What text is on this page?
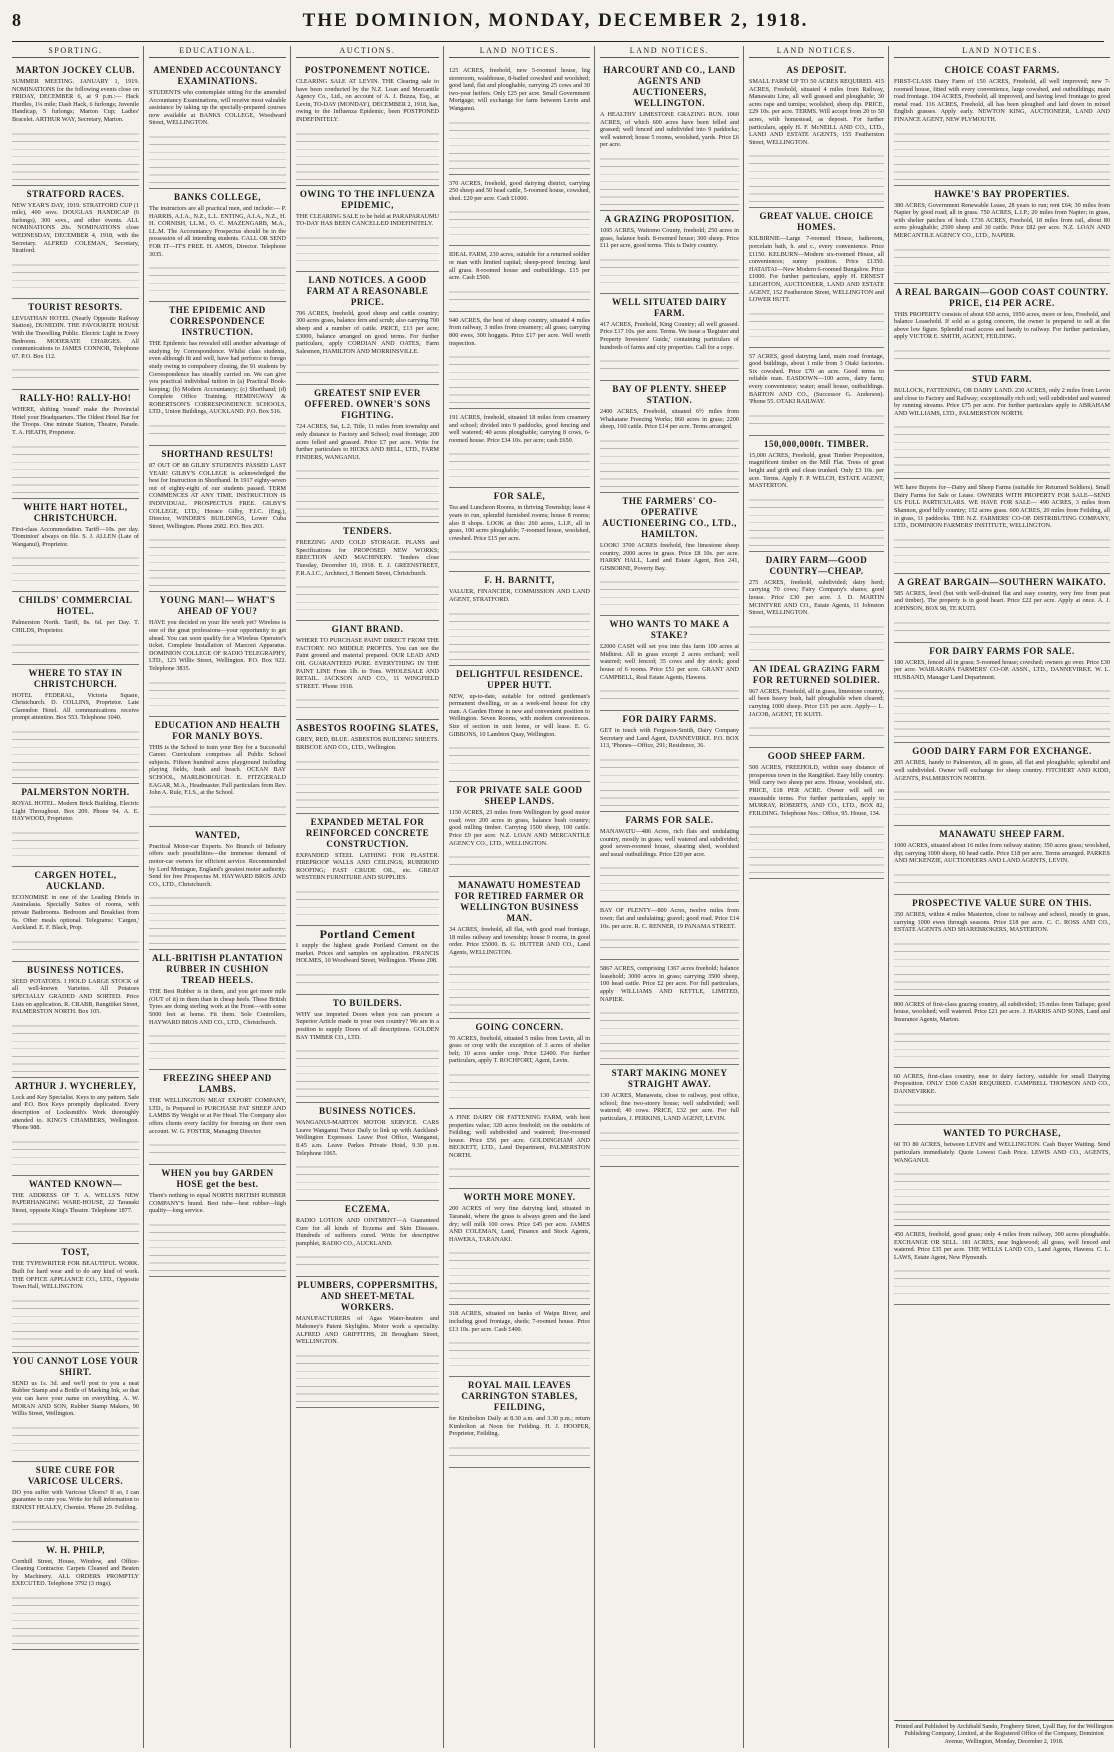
8	THE DOMINION, MONDAY, DECEMBER 2, 1918.
SPORTING.
MARTON JOCKEY CLUB.
SUMMER MEETING. JANUARY 1, 1919. NOMINATIONS for the following events close on FRIDAY, DECEMBER 6, at 9 p.m.:— Hack Hurdles, 1¼ mile; Dash Hack, 6 furlongs; Juvenile Handicap, 5 furlongs; Marton Cup; Ladies' Bracelet. ARTHUR WAY, Secretary, Marton.
STRATFORD RACES.
NEW YEAR'S DAY, 1919. STRATFORD CUP (1 mile), 400 sovs. DOUGLAS HANDICAP (6 furlongs), 300 sovs., and other events. ALL NOMINATIONS 20s. NOMINATIONS close WEDNESDAY, DECEMBER 4, 1918, with the Secretary. ALFRED COLEMAN, Secretary, Stratford.
TOURIST RESORTS.
LEVIATHAN HOTEL (Nearly Opposite Railway Station), DUNEDIN. THE FAVOURITE HOUSE With the Travelling Public. Electric Light in Every Bedroom. MODERATE CHARGES. All communications to JAMES CONNOR, Telephone 67. P.O. Box 112.
RALLY-HO! RALLY-HO!
WHERE, shifting 'round' make the Provincial Hotel your Headquarters. The Oldest Hotel Bar for the Troops. One minute Station, Theatre, Parade. T. A. HEATH, Proprietor.
WHITE HART HOTEL, CHRISTCHURCH.
First-class Accommodation. Tariff—10s. per day. 'Dominion' always on file. S. J. ALLEN (Late of Wanganui), Proprietor.
CHILDS' COMMERCIAL HOTEL.
Palmerston North. Tariff, 8s. 6d. per Day. T. CHILDS, Proprietor.
WHERE TO STAY IN CHRISTCHURCH.
HOTEL FEDERAL, Victoria Square, Christchurch. D. COLLINS, Proprietor. Late Clarendon Hotel. All communications receive prompt attention. Box 553. Telephone 1040.
PALMERSTON NORTH.
ROYAL HOTEL. Modern Brick Building. Electric Light Throughout. Box 209. Phone 94. A. E. HAYWOOD, Proprietor.
CARGEN HOTEL, AUCKLAND.
ECONOMISE in one of the Leading Hotels in Australasia. Specially Suites of rooms, with private Bathrooms. Bedroom and Breakfast from 6s. Other meals optional. Telegrams: 'Cargen,' Auckland. E. F. Black, Prop.
BUSINESS NOTICES.
SEED POTATOES. I HOLD LARGE STOCK of all well-known Varieties. All Potatoes SPECIALLY GRADED AND SORTED. Price Lists on application. R. CRABB, Rangitikei Street, PALMERSTON NORTH. Box 105.
ARTHUR J. WYCHERLEY,
Lock and Key Specialist. Keys to any pattern. Safe and P.O. Box Keys promptly duplicated. Every description of Locksmith's Work thoroughly attended to. KING'S CHAMBERS, Wellington. 'Phone 988.
WANTED KNOWN—
THE ADDRESS OF T. A. WELLS'S NEW PAPERHANGING WARE-HOUSE, 22 Taranaki Street, opposite King's Theatre. Telephone 1877.
TOST,
THE TYPEWRITER FOR BEAUTIFUL WORK. Built for hard wear and to do any kind of work. THE OFFICE APPLIANCE CO., LTD., Opposite Town Hall, WELLINGTON.
YOU CANNOT LOSE YOUR SHIRT.
SEND us 1s. 3d. and we'll post to you a neat Rubber Stamp and a Bottle of Marking Ink, so that you can have your name on everything. A. W. MORAN AND SON, Rubber Stamp Makers, 90 Willis Street, Wellington.
SURE CURE FOR VARICOSE ULCERS.
DO you suffer with Varicose Ulcers? If so, I can guarantee to cure you. Write for full information to ERNEST HEALEY, Chemist. 'Phone 29. Feilding.
W. H. PHILP,
Cornhill Street, House, Window, and Office-Cleaning Contractor. Carpets Cleaned and Beaten by Machinery. ALL ORDERS PROMPTLY EXECUTED. Telephone 3792 (3 rings).
EDUCATIONAL.
AMENDED ACCOUNTANCY EXAMINATIONS.
STUDENTS who contemplate sitting for the amended Accountancy Examinations, will receive most valuable assistance by taking up the specially-prepared courses now available at BANKS COLLEGE, Woodward Street, WELLINGTON.
BANKS COLLEGE,
The instructors are all practical men, and include:— P. HARRIS, A.I.A., N.Z., L.L. ENTING, A.I.A., N.Z., H. H. CORNISH, LL.M., O. C. MAZENGARB, M.A., LL.M. The Accountancy Prospectus should be in the possession of all intending students. CALL OR SEND FOR IT—IT'S FREE. H. AMOS, Director. Telephone 3035.
THE EPIDEMIC AND CORRESPONDENCE INSTRUCTION.
THE Epidemic has revealed still another advantage of studying by Correspondence. Whilst class students, even although fit and well, have had perforce to forego study owing to compulsory closing, the 91 students by Correspondence has steadily carried on. We can give you practical individual tuition in (a) Practical Book-keeping; (b) Modern Accountancy; (c) Shorthand; (d) Complete Office Training. HEMINGWAY & ROBERTSON'S CORRESPONDENCE SCHOOLS, LTD., Union Buildings, AUCKLAND. P.O. Box 516.
SHORTHAND RESULTS!
87 OUT OF 88 GILBY STUDENTS PASSED LAST YEAR! GILBY'S COLLEGE is acknowledged the best for Instruction in Shorthand. In 1917 eighty-seven out of eighty-eight of our students passed. TERM COMMENCES AT ANY TIME. INSTRUCTION IS INDIVIDUAL. PROSPECTUS FREE. GILBY'S COLLEGE, LTD., Horace Gilby, F.I.C. (Eng.), Director, WINDER'S BUILDINGS, Lower Cuba Street, Wellington. Phone 2682. P.O. Box 203.
YOUNG MAN!— WHAT'S AHEAD OF YOU?
HAVE you decided on your life work yet? Wireless is one of the great professions—your opportunity to get ahead. You can soon qualify for a Wireless Operator's ticket. Complete Installation of Marconi Apparatus. DOMINION COLLEGE OF RADIO TELEGRAPHY, LTD., 123 Willis Street, Wellington. P.O. Box 922. Telephone 3835.
EDUCATION AND HEALTH FOR MANLY BOYS.
THIS is the School to train your Boy for a Successful Career. Curriculum comprises all Public School subjects. Fifteen hundred acres playground including playing fields, bush and beach. OCEAN BAY SCHOOL, MARLBOROUGH. E. FITZGERALD EAGAR, M.A., Headmaster. Full particulars from Rev. John A. Rule, F.I.S., at the School.
WANTED,
Practical Motor-car Experts. No Branch of Industry offers such possibilities—the immense demand of motor-car owners for efficient service. Recommended by Lord Montague, England's greatest motor authority. Send for free Prospectus M. HAYWARD BROS AND CO., LTD., Christchurch.
ALL-BRITISH PLANTATION RUBBER IN CUSHION TREAD HEELS.
THE Best Rubber is in them, and you get more mile (OUT of it) in them than in cheap heels. These British Tyres are doing sterling work at the Front—with some 5000 feet at home. Fit them. Sole Controllers, HAYWARD BROS AND CO., LTD., Christchurch.
FREEZING SHEEP AND LAMBS.
THE WELLINGTON MEAT EXPORT COMPANY, LTD., Is Prepared to PURCHASE FAT SHEEP AND LAMBS By Weight or at Per Head. The Company also offers clients every facility for freezing on their own account. W. G. FOSTER, Managing Director.
WHEN you buy GARDEN HOSE get the best.
There's nothing to equal NORTH BRITISH RUBBER COMPANY'S brand. Best tube—best rubber—high quality—long service.
AUCTIONS.
POSTPONEMENT NOTICE.
CLEARING SALE AT LEVIN. THE Clearing sale to have been conducted by the N.Z. Loan and Mercantile Agency Co., Ltd., on account of A. J. Buzza, Esq., at Levin, TO-DAY (MONDAY), DECEMBER 2, 1918, has, owing to the Influenza Epidemic, been POSTPONED INDEFINITELY.
OWING TO THE INFLUENZA EPIDEMIC,
THE CLEARING SALE to be held at PARAPARAUMU TO-DAY HAS BEEN CANCELLED INDEFINITELY.
LAND NOTICES. A GOOD FARM AT A REASONABLE PRICE.
706 ACRES, freehold, good sheep and cattle country; 300 acres grass, balance fern and scrub; also carrying 700 sheep and a number of cattle. PRICE, £13 per acre; £3000, balance arranged on good terms. For further particulars, apply CORDIAN AND OATES, Farm Salesmen, HAMILTON AND MORRINSVILLE.
GREATEST SNIP EVER OFFERED. OWNER'S SONS FIGHTING.
724 ACRES, Sst, L.2. Title, 11 miles from township and only distance to Factory and School; road frontage; 200 acres felled and grassed. Price £7 per acre. Write for further particulars to HICKS AND BELL, LTD., FARM FINDERS, WANGANUI.
TENDERS.
FREEZING AND COLD STORAGE. PLANS and Specifications for PROPOSED NEW WORKS; ERECTION AND MACHINERY. Tenders close Tuesday, December 10, 1918. E. J. GREENSTREET, F.R.A.I.C., Architect, 3 Bennett Street, Christchurch.
GIANT BRAND.
WHERE TO PURCHASE PAINT DIRECT FROM THE FACTORY. NO MIDDLE PROFITS. You can see the Paint ground and material prepared. OUR LEAD AND OIL GUARANTEED PURE. EVERYTHING IN THE PAINT LINE From 1lb. to Tons. WHOLESALE AND RETAIL. JACKSON AND CO., 11 WINGFIELD STREET. 'Phone 1918.
ASBESTOS ROOFING SLATES,
GREY, RED, BLUE. ASBESTOS BUILDING SHEETS. BRISCOE AND CO., LTD., Wellington.
EXPANDED METAL FOR REINFORCED CONCRETE CONSTRUCTION.
EXPANDED STEEL LATHING FOR PLASTER. FIREPROOF WALLS AND CEILINGS; RUBEROID ROOFING; FAST CRUDE OIL, etc. GREAT WESTERN FURNITURE AND SUPPLIES.
Portland Cement
I supply the highest grade Portland Cement on the market. Prices and samples on application. FRANCIS HOLMES, 10 Woodward Street, Wellington. 'Phone 208.
TO BUILDERS.
WHY use imported Doors when you can procure a Superior Article made in your own country? We are in a position to supply Doors of all descriptions. GOLDEN BAY TIMBER CO., LTD.
BUSINESS NOTICES.
WANGANUI-MARTON MOTOR SERVICE. CARS Leave Wanganui Twice Daily to link up with Auckland-Wellington Expresses. Leave Post Office, Wanganui, 8.45 a.m. Leave Parkes Private Hotel, 9.30 p.m. Telephone 1065.
ECZEMA.
RADIO LOTION AND OINTMENT—A Guaranteed Cure for all kinds of Eczema and Skin Diseases. Hundreds of sufferers cured. Write for descriptive pamphlet, RADIO CO., AUCKLAND.
PLUMBERS, COPPERSMITHS, AND SHEET-METAL WORKERS.
MANUFACTURERS of Agas Water-heaters and Mahoney's Patent Skylights. Motor work a speciality. ALFRED AND GRIFFITHS, 28 Brougham Street, WELLINGTON.
LAND NOTICES.
125 ACRES, freehold, new 5-roomed house, big storeroom, washhouse, 8-bailed cowshed and woolshed; good land, flat and ploughable, carrying 25 cows and 30 two-year heifers. Only £25 per acre. Small Government Mortgage; will exchange for farm between Levin and Wanganui.
370 ACRES, freehold, good dairying district, carrying 250 sheep and 50 head cattle, 5-roomed house, cowshed, shed. £20 per acre. Cash £1000.
IDEAL FARM, 230 acres, suitable for a returned soldier or man with limited capital; sheep-proof fencing; land all grass. 8-roomed house and outbuildings. £15 per acre. Cash £500.
940 ACRES, the best of sheep country, situated 4 miles from railway, 3 miles from creamery; all grass; carrying 800 ewes, 300 hoggets. Price £17 per acre. Well worth inspection.
191 ACRES, freehold, situated 18 miles from creamery and school; divided into 9 paddocks, good fencing and well watered; 40 acres ploughable; carrying 8 cows, 6-roomed house. Price £34 10s. per acre; cash £650.
FOR SALE,
Tea and Luncheon Rooms, in thriving Township; lease 4 years to run, splendid furnished rooms; house 8 rooms; also 8 shops. LOOK at this: 260 acres, L.I.P., all in grass, 100 acres ploughable; 7-roomed house, woolshed, cowshed. Price £15 per acre.
F. H. BARNITT,
VALUER, FINANCIER, COMMISSION AND LAND AGENT, STRATFORD.
DELIGHTFUL RESIDENCE. UPPER HUTT.
NEW, up-to-date, suitable for retired gentleman's permanent dwelling, or as a week-end house for city man. A Garden Home in new and convenient position to Wellington. Seven Rooms, with modern conveniences. Size of section in unit home, or will lease. E. G. GIBBONS, 10 Lambton Quay, Wellington.
FOR PRIVATE SALE GOOD SHEEP LANDS.
1150 ACRES, 23 miles from Wellington by good motor road; over 200 acres in grass, balance bush country; good milling timber. Carrying 1500 sheep, 100 cattle. Price £9 per acre. N.Z. LOAN AND MERCANTILE AGENCY CO., LTD., WELLINGTON.
MANAWATU HOMESTEAD FOR RETIRED FARMER OR WELLINGTON BUSINESS MAN.
34 ACRES, freehold, all flat, with good road frontage, 18 miles railway and township; house 9 rooms, in good order. Price £5000. B. G. HUTTER AND CO., Land Agents, WELLINGTON.
GOING CONCERN.
70 ACRES, freehold, situated 5 miles from Levin, all in grass or crop with the exception of 3 acres of shelter belt; 10 acres under crop. Price £2400. For further particulars, apply T. ROCHFORT, Agent, Levin.
A FINE DAIRY OR FATTENING FARM, with best properties value; 320 acres freehold; on the outskirts of Feilding; well subdivided and watered; five-roomed house. Price £56 per acre. GOLDINGHAM AND BECKETT, LTD., Land Department, PALMERSTON NORTH.
WORTH MORE MONEY.
200 ACRES of very fine dairying land, situated in Taranaki, where the grass is always green and the land dry; will milk 100 cows. Price £45 per acre. JAMES AND COLEMAN, Land, Finance and Stock Agents, HAWERA, TARANAKI.
318 ACRES, situated on banks of Waipu River, and including good frontage, sheds; 7-roomed house. Price £13 10s. per acre. Cash £400.
ROYAL MAIL LEAVES CARRINGTON STABLES, FEILDING,
for Kimbolton Daily at 8.30 a.m. and 3.30 p.m.; return Kimbolton at Noon for Feilding. H. J. HOOPER, Proprietor, Feilding.
LAND NOTICES.
HARCOURT AND CO., LAND AGENTS AND AUCTIONEERS, WELLINGTON.
A HEALTHY LIMESTONE GRAZING RUN. 1060 ACRES, of which 600 acres have been felled and grassed; well fenced and subdivided into 9 paddocks; well watered; house 5 rooms, woolshed, yards. Price £6 per acre.
A GRAZING PROPOSITION.
1095 ACRES, Waitomo County, freehold; 250 acres in grass, balance bush. 8-roomed house; 300 sheep. Price £11 per acre, good terms. This is Dairy country.
WELL SITUATED DAIRY FARM.
417 ACRES, Freehold, King Country; all well grassed. Price £17 10s. per acre. Terms. We issue a 'Register and Property Investors' Guide,' containing particulars of hundreds of farms and city properties. Call for a copy.
BAY OF PLENTY. SHEEP STATION.
2400 ACRES, Freehold, situated 6½ miles from Whakatane Freezing Works; 860 acres in grass; 2200 sheep, 160 cattle. Price £14 per acre. Terms arranged.
THE FARMERS' CO-OPERATIVE AUCTIONEERING CO., LTD., HAMILTON.
LOOK! 3700 ACRES freehold, fine limestone sheep country, 2000 acres in grass. Price £8 10s. per acre. HARRY HALL, Land and Estate Agent, Box 241, GISBORNE, Poverty Bay.
WHO WANTS TO MAKE A STAKE?
£2000 CASH will set you into this farm 100 acres at Midhirst. All in grass except 2 acres orchard; well watered; well fenced; 35 cows and dry stock; good house of 6 rooms. Price £51 per acre. GRANT AND CAMPBELL, Real Estate Agents, Hawera.
FOR DAIRY FARMS.
GET in touch with Ferguson-Smith, Dairy Company Secretary and Land Agent, DANNEVIRKE. P.O. BOX 113, 'Phones—Office, 291; Residence, 36.
FARMS FOR SALE.
MANAWATU—486 Acres, rich flats and undulating country, mostly in grass; well watered and subdivided; good seven-roomed house, shearing shed, woolshed and usual outbuildings. Price £20 per acre.
BAY OF PLENTY—800 Acres, twelve miles from town; flat and undulating; gravel; good road. Price £14 10s. per acre. R. C. RENNER, 19 PANAMA STREET.
5867 ACRES, comprising 1367 acres freehold; balance leasehold; 3000 acres in grass; carrying 3500 sheep, 100 head cattle. Price £2 per acre. For full particulars, apply WILLIAMS AND KETTLE, LIMITED, NAPIER.
START MAKING MONEY STRAIGHT AWAY.
130 ACRES, Manawatu, close to railway, post office, school; fine two-storey house; well subdivided; well watered; 40 cows. PRICE, £32 per acre. For full particulars, J. PERKINS, LAND AGENT, LEVIN.
LAND NOTICES.
AS DEPOSIT.
SMALL FARM UP TO 50 ACRES REQUIRED. 415 ACRES, Freehold, situated 4 miles from Railway, Manawatu Line, all well grassed and ploughable; 30 acres rape and turnips; woolshed, sheep dip. PRICE, £29 10s. per acre. TERMS. Will accept from 20 to 50 acres, with homestead, as deposit. For further particulars, apply H. F. McNEILL AND CO., LTD., LAND AND ESTATE AGENTS, 155 Featherston Street, WELLINGTON.
GREAT VALUE. CHOICE HOMES.
KILBIRNIE—Large 7-roomed House, bathroom, porcelain bath, h. and c., every convenience. Price £1150. KELBURN—Modern six-roomed House, all conveniences; sunny position. Price £1350. HATAITAI—New Modern 6-roomed Bungalow. Price £1000. For further particulars, apply H. ERNEST LEIGHTON, AUCTIONEER, LAND AND ESTATE AGENT, 152 Featherston Street, WELLINGTON and LOWER HUTT.
57 ACRES, good dairying land, main road frontage, good buildings, about 1 mile from 3 Otaki factories. Six cowshed. Price £70 an acre. Good terms to reliable man. EASDOWN—100 acres, dairy farm; every convenience; water; small house, outbuildings. BARTON AND CO., (Successor G. Anderson). 'Phone 55. OTAKI RAILWAY.
150,000,000ft. TIMBER.
15,000 ACRES, Freehold, great Timber Proposition, magnificent timber on the Mill Flat. Trees of great height and girth and clean trunked. Only £3 10s. per acre. Terms. Apply F. P. WELCH, ESTATE AGENT, MASTERTON.
DAIRY FARM—GOOD COUNTRY—CHEAP.
275 ACRES, freehold, subdivided; dairy herd; carrying 70 cows; Fairy Company's shares; good house. Price £30 per acre. J. D. MARTIN MCINTYRE AND CO., Estate Agents, 11 Johnston Street, WELLINGTON.
AN IDEAL GRAZING FARM FOR RETURNED SOLDIER.
967 ACRES, Freehold, all in grass, limestone country, all been heavy bush, half ploughable when cleared; carrying 1000 sheep. Price £15 per acre. Apply— L. JACOB, AGENT, TE KUITI.
GOOD SHEEP FARM.
500 ACRES, FREEHOLD, within easy distance of prosperous town in the Rangitikei. Easy hilly country. Well carry two sheep per acre. House, woolshed, etc. PRICE, £18 PER ACRE. Owner will sell on reasonable terms. For further particulars, apply to MURRAY, ROBERTS, AND CO., LTD., BOX 82, FEILDING. Telephone Nos.: Office, 95. House, 134.
LAND NOTICES.
CHOICE COAST FARMS.
FIRST-CLASS Dairy Farm of 150 ACRES, Freehold, all well improved; new 7-roomed house, fitted with every convenience, large cowshed, and outbuildings; main road frontage. 104 ACRES, Freehold, all improved, and having level frontage to good metal road. 116 ACRES, Freehold, all has been ploughed and laid down in mixed English grasses. Apply early. NEWTON KING, AUCTIONEER, LAND AND FINANCE AGENT, NEW PLYMOUTH.
HAWKE'S BAY PROPERTIES.
380 ACRES, Government Renewable Lease, 28 years to run; rent £64; 30 miles from Napier by good road; all in grass. 750 ACRES, L.I.P.; 20 miles from Napier; in grass, with shelter patches of bush. 1736 ACRES, Freehold, 18 miles from rail, about 80 acres ploughable; 2500 sheep and 30 cattle. Price £82 per acre. N.Z. LOAN AND MERCANTILE AGENCY CO., LTD., NAPIER.
A REAL BARGAIN—GOOD COAST COUNTRY. PRICE, £14 PER ACRE.
THIS PROPERTY consists of about 650 acres, 1950 acres, more or less, Freehold, and balance Leasehold. If sold as a going concern, the owner is prepared to sell at the above low figure. Splendid road access and handy to railway. For further particulars, apply VICTOR E. SMITH, AGENT, FEILDING.
STUD FARM.
BULLOCK, FATTENING, OR DAIRY LAND. 230 ACRES, only 2 miles from Levin and close to Factory and Railway; exceptionally rich soil; well subdivided and watered by running streams. Price £75 per acre. For further particulars apply to ABRAHAM AND WILLIAMS, LTD., PALMERSTON NORTH.
WE have Buyers for—Dairy and Sheep Farms (suitable for Returned Soldiers). Small Dairy Farms for Sale or Lease. OWNERS WITH PROPERTY FOR SALE—SEND US FULL PARTICULARS. WE HAVE FOR SALE— 490 ACRES, 3 miles from Shannon, good hilly country; 152 acres grass. 600 ACRES, 20 miles from Feilding, all in grass, 11 paddocks. THE N.Z. FARMERS' CO-OP. DISTRIBUTING COMPANY, LTD., DOMINION FARMERS' INSTITUTE, WELLINGTON.
A GREAT BARGAIN—SOUTHERN WAIKATO.
585 ACRES, level (but with well-drained flat and easy country, very free from peat and timber). The property is in good heart. Price £22 per acre. Apply at once. A. J. JOHNSON, BOX 98, TE KUITI.
FOR DAIRY FARMS FOR SALE.
180 ACRES, fenced all in grass; 5-roomed house; cowshed; owners go over. Price £30 per acre. WAIRARAPA FARMERS' CO-OP. ASSN., LTD., DANNEVIRKE. W. L. HUSBAND, Manager Land Department.
GOOD DAIRY FARM FOR EXCHANGE.
205 ACRES, handy to Palmerston, all in grass, all flat and ploughable; splendid and well subdivided. Owner will exchange for sheep country. FITCHERT AND KIDD, AGENTS, PALMERSTON NORTH.
MANAWATU SHEEP FARM.
1000 ACRES, situated about 16 miles from railway station; 350 acres grass; woolshed, dip; carrying 1000 sheep, 60 head cattle. Price £18 per acre. Terms arranged. PARKES AND MCKENZIE, AUCTIONEERS AND LAND AGENTS, LEVIN.
PROSPECTIVE VALUE SURE ON THIS.
350 ACRES, within 4 miles Masterton, close to railway and school, mostly in grass, carrying 1000 ewes through seasons. Price £18 per acre. C. C. ROSS AND CO., ESTATE AGENTS AND SHAREBROKERS, MASTERTON.
800 ACRES of first-class grazing country, all subdivided; 15 miles from Taihape; good house, woolshed; well watered. Price £21 per acre. J. HARRIS AND SONS, Land and Insurance Agents, Marton.
60 ACRES, first-class country, near to dairy factory, suitable for small Dairying Proposition. ONLY £300 CASH REQUIRED. CAMPBELL THOMSON AND CO., DANNEVIRKE.
WANTED TO PURCHASE,
60 TO 80 ACRES, between LEVIN and WELLINGTON. Cash Buyer Waiting. Send particulars immediately. Quote Lowest Cash Price. LEWIS AND CO., AGENTS, WANGANUI.
450 ACRES, freehold, good grass; only 4 miles from railway, 300 acres ploughable. EXCHANGE OR SELL. 181 ACRES, near Inglewood; all grass, well fenced and watered. Price £35 per acre. THE WELLS LAND CO., Land Agents, Hawera. C. L. LAWS, Estate Agent, New Plymouth.
Printed and Published by Archibald Sando, Frogberry Street, Lyall Bay, for the Wellington Publishing Company, Limited, at the Registered Office of the Company, Dominion Avenue, Wellington, Monday, December 2, 1918.
